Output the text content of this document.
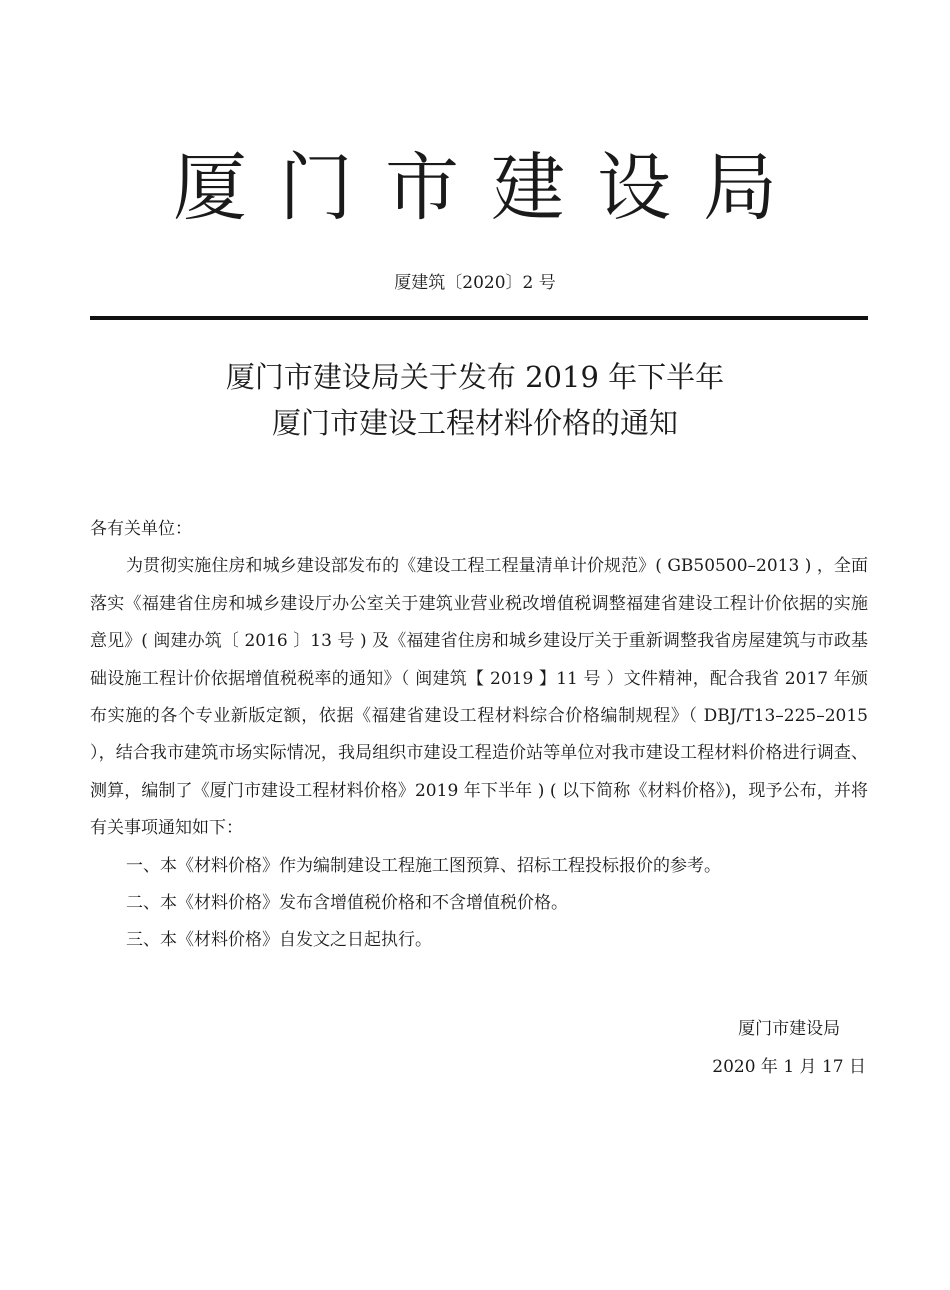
厦门市建设局
厦建筑〔2020〕2 号
厦门市建设局关于发布 2019 年下半年
厦门市建设工程材料价格的通知

各有关单位：

为贯彻实施住房和城乡建设部发布的《建设工程工程量清单计价规范》( GB50500–2013 ) ，全面落实《福建省住房和城乡建设厅办公室关于建筑业营业税改增值税调整福建省建设工程计价依据的实施意见》( 闽建办筑〔 2016 〕13 号 ) 及《福建省住房和城乡建设厅关于重新调整我省房屋建筑与市政基础设施工程计价依据增值税税率的通知》（ 闽建筑【 2019 】11 号 ）文件精神，配合我省 2017 年颁布实施的各个专业新版定额，依据《福建省建设工程材料综合价格编制规程》（ DBJ/T13–225–2015 ），结合我市建筑市场实际情况，我局组织市建设工程造价站等单位对我市建设工程材料价格进行调查、测算，编制了《厦门市建设工程材料价格》2019 年下半年 ) ( 以下简称《材料价格》)，现予公布，并将有关事项通知如下：

一、本《材料价格》作为编制建设工程施工图预算、招标工程投标报价的参考。

二、本《材料价格》发布含增值税价格和不含增值税价格。

三、本《材料价格》自发文之日起执行。

厦门市建设局
2020 年 1 月 17 日
